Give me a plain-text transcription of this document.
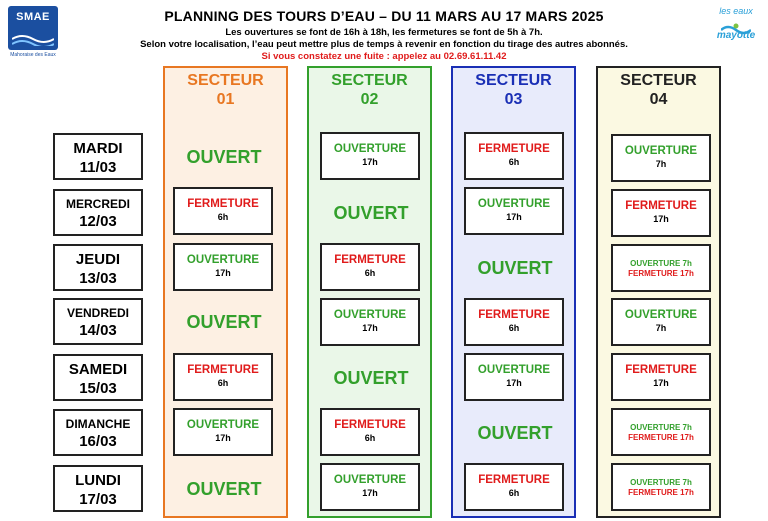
SMAE
Mahoraise des Eaux
les eaux
mayotte
PLANNING DES TOURS D’EAU – DU 11 MARS AU 17 MARS 2025
Les ouvertures se font de 16h à 18h, les fermetures se font de 5h à 7h.
Selon votre localisation, l’eau peut mettre plus de temps à revenir en fonction du tirage des autres abonnés.
Si vous constatez une fuite : appelez au 02.69.61.11.42
SECTEUR
01
SECTEUR
02
SECTEUR
03
SECTEUR
04
MARDI
11/03
MERCREDI
12/03
JEUDI
13/03
VENDREDI
14/03
SAMEDI
15/03
DIMANCHE
16/03
LUNDI
17/03
OUVERT
FERMETURE
6h
OUVERTURE
17h
OUVERT
FERMETURE
6h
OUVERTURE
17h
OUVERT
OUVERTURE
17h
OUVERT
FERMETURE
6h
OUVERTURE
17h
OUVERT
FERMETURE
6h
OUVERTURE
17h
FERMETURE
6h
OUVERTURE
17h
OUVERT
FERMETURE
6h
OUVERTURE
17h
OUVERT
FERMETURE
6h
OUVERTURE
7h
FERMETURE
17h
OUVERTURE 7h
FERMETURE 17h
OUVERTURE
7h
FERMETURE
17h
OUVERTURE 7h
FERMETURE 17h
OUVERTURE 7h
FERMETURE 17h
